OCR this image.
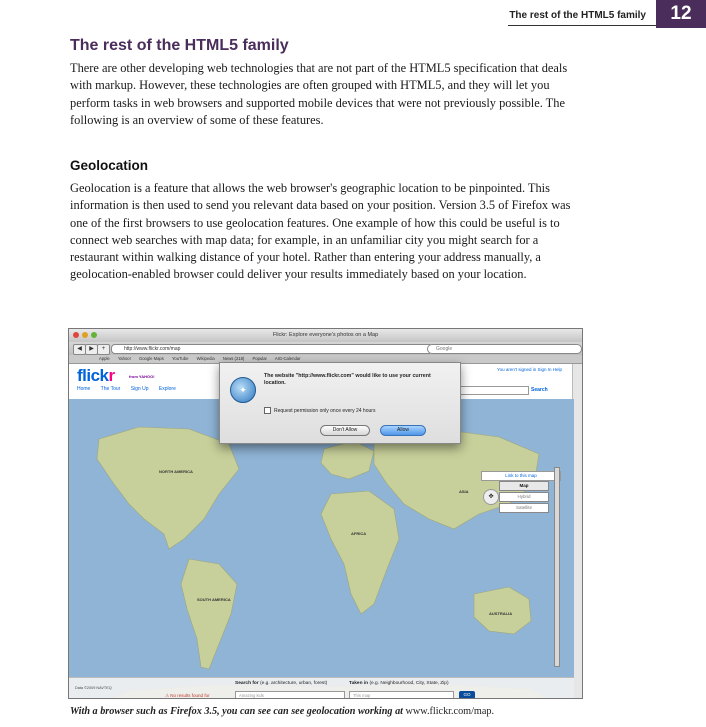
The rest of the HTML5 family	12
The rest of the HTML5 family

There are other developing web technologies that are not part of the HTML5 specification that deals with markup. However, these technologies are often grouped with HTML5, and they will let you perform tasks in web browsers and supported mobile devices that were not previously possible. The following is an overview of some of these features.

Geolocation

Geolocation is a feature that allows the web browser's geographic location to be pinpointed. This information is then used to send you relevant data based on your position. Version 3.5 of Firefox was one of the first browsers to use geolocation features. One example of how this could be useful is to connect web searches with map data; for example, in an unfamiliar city you might search for a restaurant within walking distance of your hotel. Rather than entering your address manually, a geolocation-enabled browser could deliver your results immediately based on your location.

Flickr: Explore everyone's photos on a Map
◀	▶	+	http://www.flickr.com/map	Google
Apple Yahoo! Google Maps YouTube Wikipedia News (218) Popular AIG-Calendar
flickr	from YAHOO!
Home The Tour Sign Up Explore
You aren't signed in Sign In Help
Search
NORTH AMERICA
SOUTH AMERICA
AFRICA
ASIA
AUSTRALIA
Link to this map
✥
Map
Hybrid
Satellite
Search for (e.g. architecture, urban, forest)	Taken in (e.g. Neighbourhood, City, State, Zip)
⚠ No results found for	Amazing kids	This map	GO
Data ©2009 NAVTEQ
✦
The website "http://www.flickr.com" would like to use your current location.
Request permission only once every 24 hours
Don't Allow	Allow

With a browser such as Firefox 3.5, you can see can see geolocation working at www.flickr.com/map.
